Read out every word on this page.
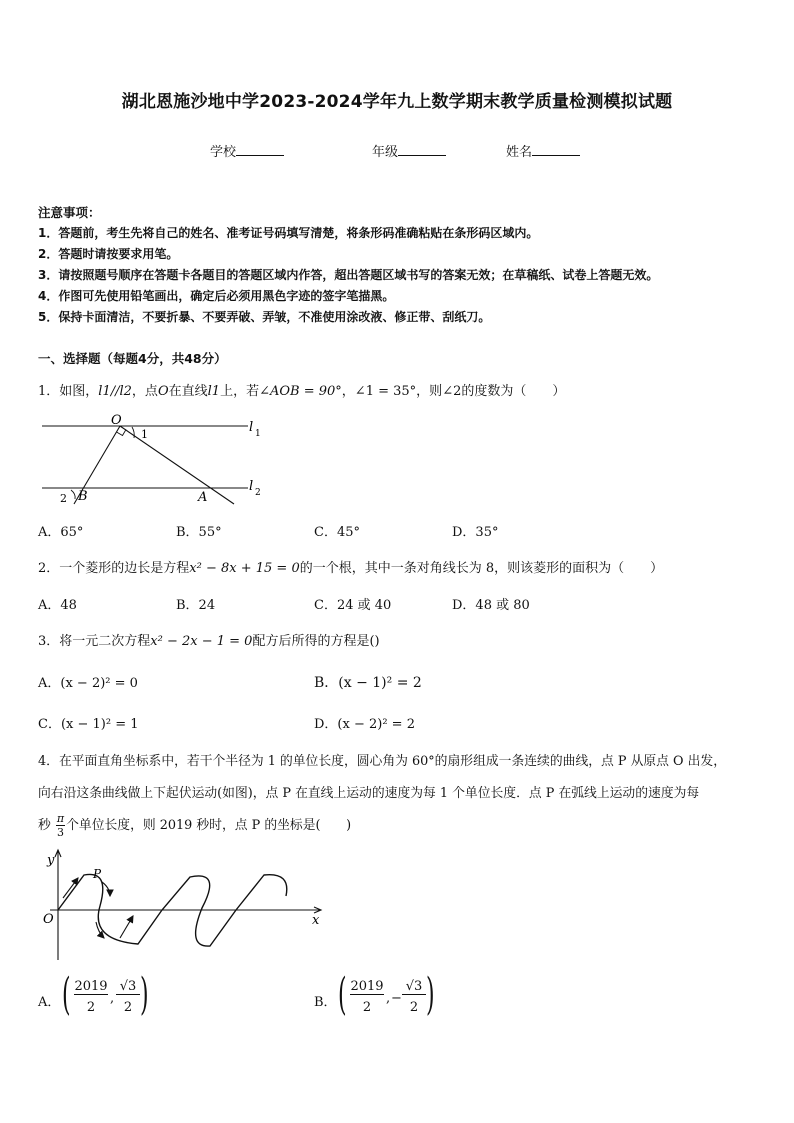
湖北恩施沙地中学2023-2024学年九上数学期末教学质量检测模拟试题
学校	年级	姓名
注意事项：
1．答题前，考生先将自己的姓名、准考证号码填写清楚，将条形码准确粘贴在条形码区域内。
2．答题时请按要求用笔。
3．请按照题号顺序在答题卡各题目的答题区域内作答，超出答题区域书写的答案无效；在草稿纸、试卷上答题无效。
4．作图可先使用铅笔画出，确定后必须用黑色字迹的签字笔描黑。
5．保持卡面清洁，不要折暴、不要弄破、弄皱，不准使用涂改液、修正带、刮纸刀。
一、选择题（每题4分，共48分）
1．如图，l1//l2，点O在直线l1上，若∠AOB = 90°，∠1 = 35°，则∠2的度数为（　　）
O
1
2 B	A
l 1
l 2
A．65°	B．55°	C．45°	D．35°
2．一个菱形的边长是方程x² − 8x + 15 = 0的一个根，其中一条对角线长为 8，则该菱形的面积为（　　）
A．48	B．24	C．24 或 40	D．48 或 80
3．将一元二次方程x² − 2x − 1 = 0配方后所得的方程是()
A．(x − 2)² = 0	B．(x − 1)² = 2
C．(x − 1)² = 1	D．(x − 2)² = 2
4．在平面直角坐标系中，若干个半径为 1 的单位长度，圆心角为 60°的扇形组成一条连续的曲线，点 P 从原点 O 出发，
向右沿这条曲线做上下起伏运动(如图)，点 P 在直线上运动的速度为每 1 个单位长度．点 P 在弧线上运动的速度为每
秒 $\frac{\pi}{3}$ 个单位长度，则 2019 秒时，点 P 的坐标是(　　)
y
x
O
P
A． ( 2019
2
,
√3
2 )	B． ( 2019
2
, −
√3
2 )
